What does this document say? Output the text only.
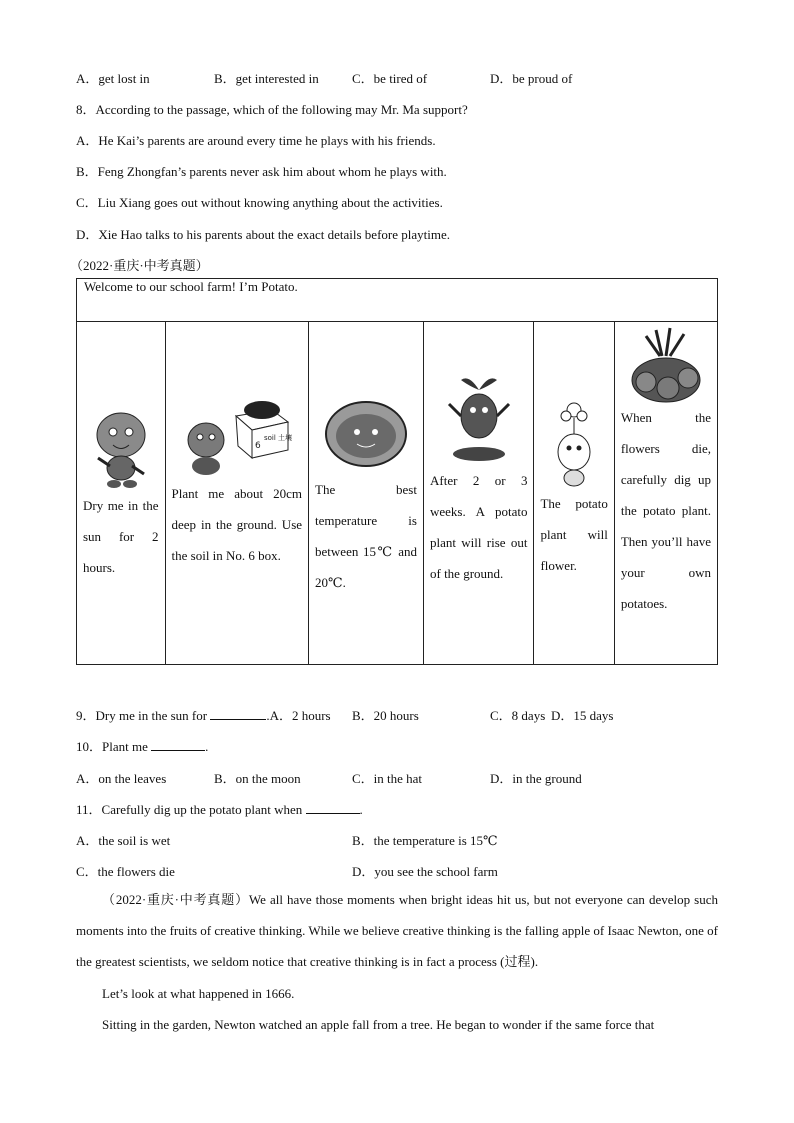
A．get lost in	B．get interested in	C．be tired of	D．be proud of
8．According to the passage, which of the following may Mr. Ma support?
A．He Kai’s parents are around every time he plays with his friends.
B．Feng Zhongfan’s parents never ask him about whom he plays with.
C．Liu Xiang goes out without knowing anything about the activities.
D．Xie Hao talks to his parents about the exact details before playtime.
（2022·重庆·中考真题）
Welcome to our school farm! I’m Potato.

Dry me in the sun for 2 hours.

6
soil 土壤
Plant me about 20cm deep in the ground. Use the soil in No. 6 box.

The best temperature is between 15℃ and 20℃.

After 2 or 3 weeks. A potato plant will rise out of the ground.

The potato plant will flower.

When the flowers die, carefully dig up the potato plant. Then you’ll have your own potatoes.
9．Dry me in the sun for	.A．2 hours B．20 hours	C．8 days D．15 days
10．Plant me	.
A．on the leaves	B．on the moon	C．in the hat	D．in the ground
11．Carefully dig up the potato plant when	.
A．the soil is wet	B．the temperature is 15℃
C．the flowers die	D．you see the school farm
（2022·重庆·中考真题）We all have those moments when bright ideas hit us, but not everyone can develop such moments into the fruits of creative thinking. While we believe creative thinking is the falling apple of Isaac Newton, one of the greatest scientists, we seldom notice that creative thinking is in fact a process (过程).
Let’s look at what happened in 1666.
Sitting in the garden, Newton watched an apple fall from a tree. He began to wonder if the same force that
